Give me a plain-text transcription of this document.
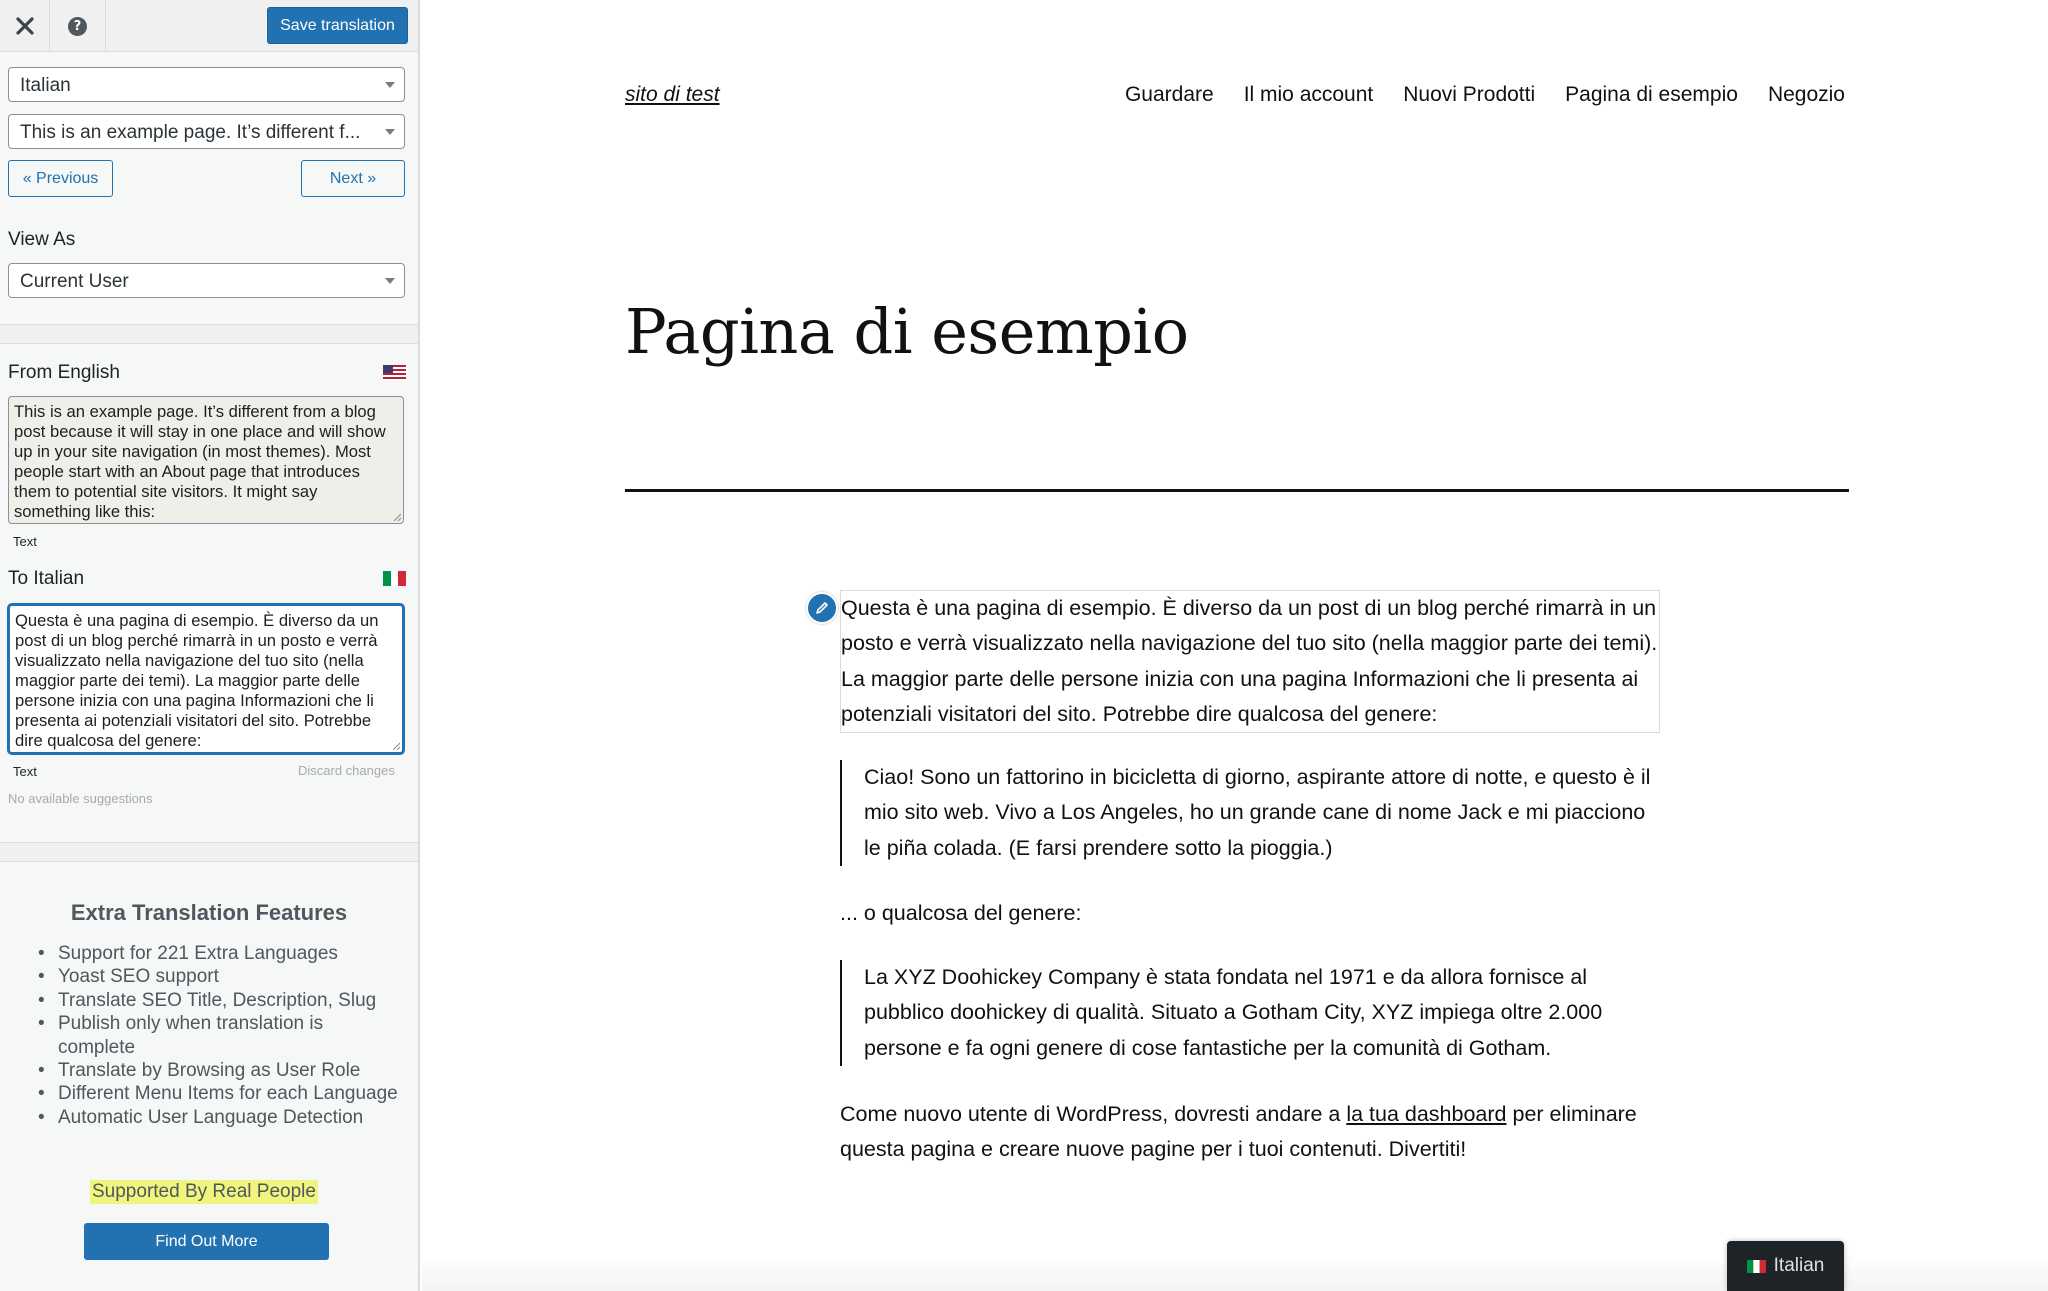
?	Save translation
Italian
This is an example page. It’s different f...
« Previous	Next »
View As
Current User
From English
This is an example page. It’s different from a blog post because it will stay in one place and will show up in your site navigation (in most themes). Most people start with an About page that introduces them to potential site visitors. It might say something like this:
Text
To Italian
Questa è una pagina di esempio. È diverso da un post di un blog perché rimarrà in un posto e verrà visualizzato nella navigazione del tuo sito (nella maggior parte dei temi). La maggior parte delle persone inizia con una pagina Informazioni che li presenta ai potenziali visitatori del sito. Potrebbe dire qualcosa del genere:
Text	Discard changes
No available suggestions
Extra Translation Features
• Support for 221 Extra Languages
• Yoast SEO support
• Translate SEO Title, Description, Slug
• Publish only when translation is complete
• Translate by Browsing as User Role
• Different Menu Items for each Language
• Automatic User Language Detection
Supported By Real People
Find Out More
sito di test	Guardare Il mio account Nuovi Prodotti Pagina di esempio Negozio
Pagina di esempio
Questa è una pagina di esempio. È diverso da un post di un blog perché rimarrà in un posto e verrà visualizzato nella navigazione del tuo sito (nella maggior parte dei temi). La maggior parte delle persone inizia con una pagina Informazioni che li presenta ai potenziali visitatori del sito. Potrebbe dire qualcosa del genere:
Ciao! Sono un fattorino in bicicletta di giorno, aspirante attore di notte, e questo è il mio sito web. Vivo a Los Angeles, ho un grande cane di nome Jack e mi piacciono le piña colada. (E farsi prendere sotto la pioggia.)
... o qualcosa del genere:
La XYZ Doohickey Company è stata fondata nel 1971 e da allora fornisce al pubblico doohickey di qualità. Situato a Gotham City, XYZ impiega oltre 2.000 persone e fa ogni genere di cose fantastiche per la comunità di Gotham.
Come nuovo utente di WordPress, dovresti andare a la tua dashboard per eliminare questa pagina e creare nuove pagine per i tuoi contenuti. Divertiti!
Italian
